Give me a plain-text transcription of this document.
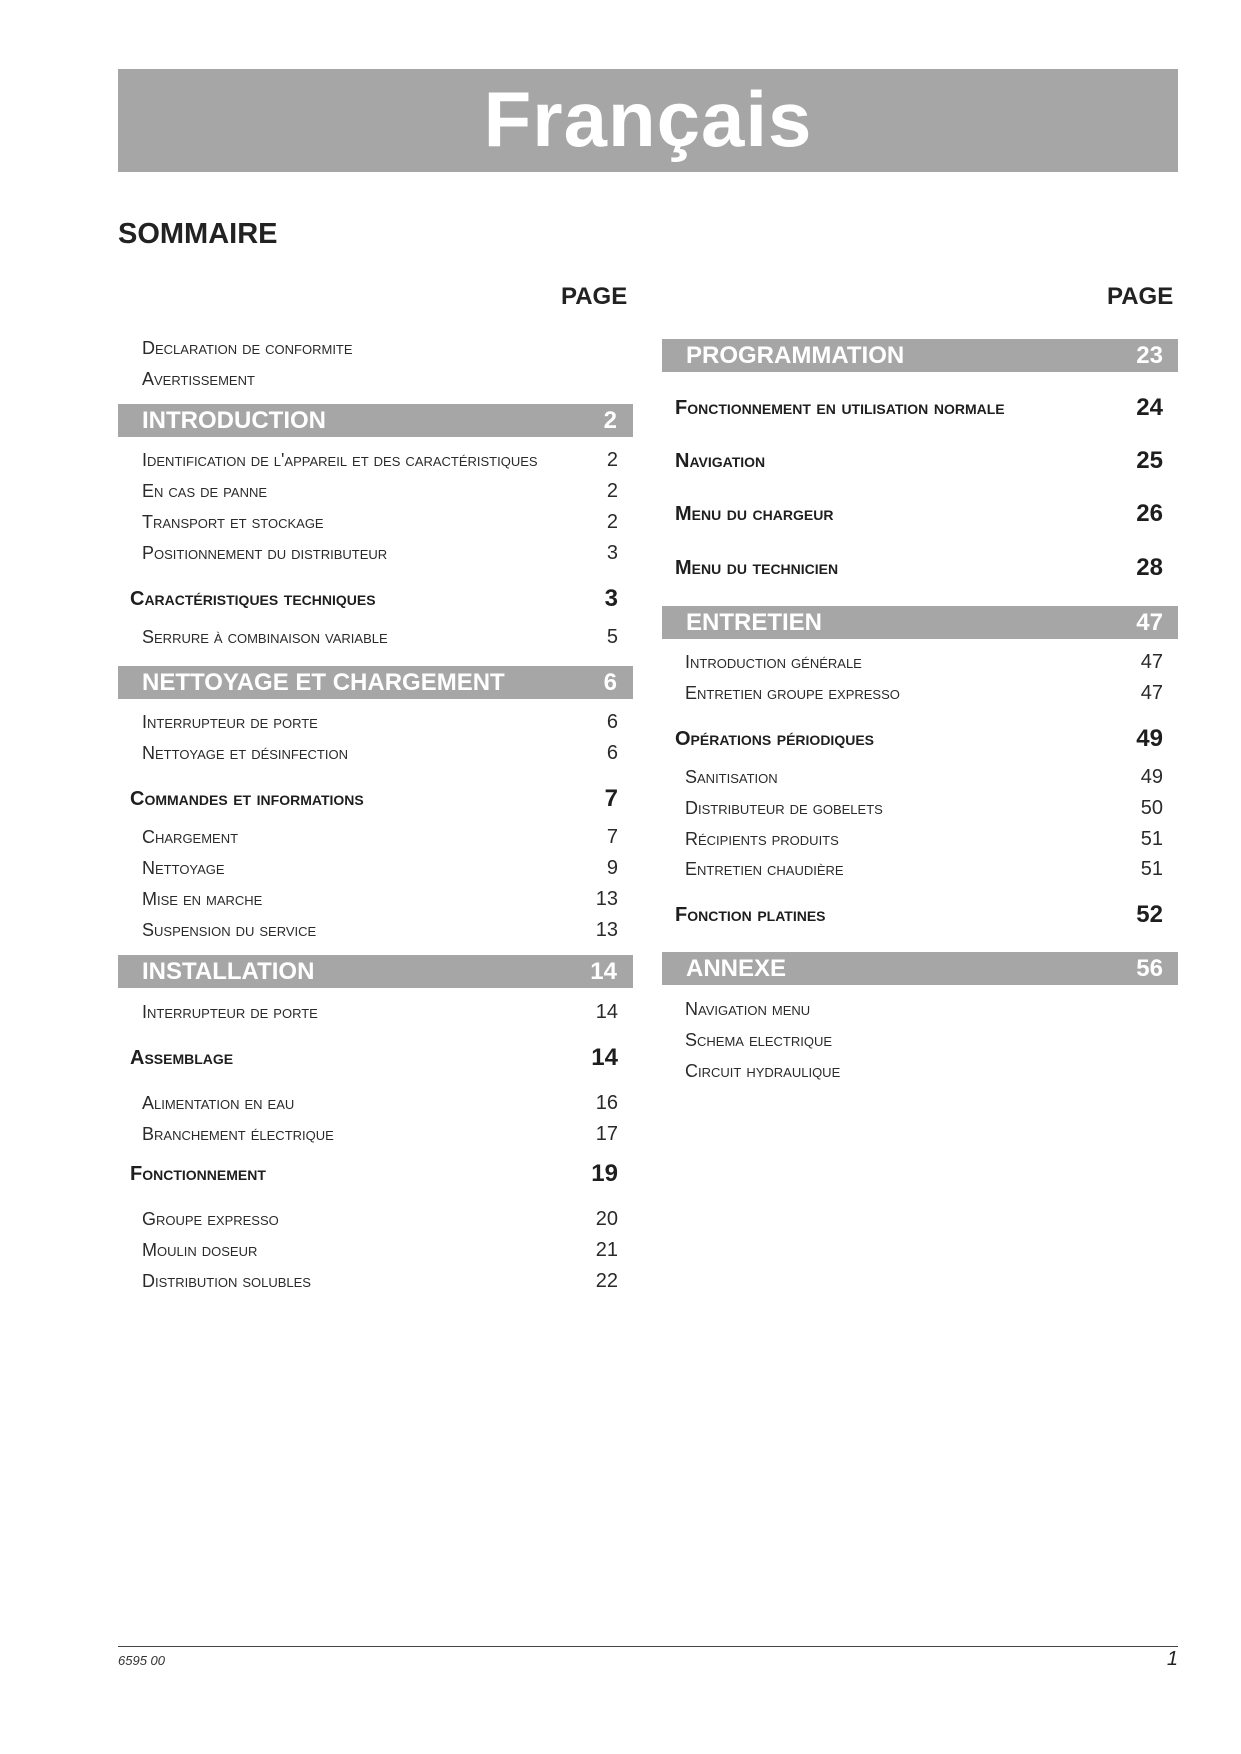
Français
SOMMAIRE
PAGE	PAGE
Declaration de conformite
Avertissement
INTRODUCTION	2
Identification de l'appareil et des caractéristiques	2
En cas de panne	2
Transport et stockage	2
Positionnement du distributeur	3
Caractéristiques techniques	3
Serrure à combinaison variable	5
NETTOYAGE ET CHARGEMENT	6
Interrupteur de porte	6
Nettoyage et désinfection	6
Commandes et informations	7
Chargement	7
Nettoyage	9
Mise en marche	13
Suspension du service	13
INSTALLATION	14
Interrupteur de porte	14
Assemblage	14
Alimentation en eau	16
Branchement électrique	17
Fonctionnement	19
Groupe expresso	20
Moulin doseur	21
Distribution solubles	22
PROGRAMMATION	23
Fonctionnement en utilisation normale	24
Navigation	25
Menu du chargeur	26
Menu du technicien	28
ENTRETIEN	47
Introduction générale	47
Entretien groupe expresso	47
Opérations périodiques	49
Sanitisation	49
Distributeur de gobelets	50
Récipients produits	51
Entretien chaudière	51
Fonction platines	52
ANNEXE	56
Navigation menu
Schema electrique
Circuit hydraulique
6595 00	1
